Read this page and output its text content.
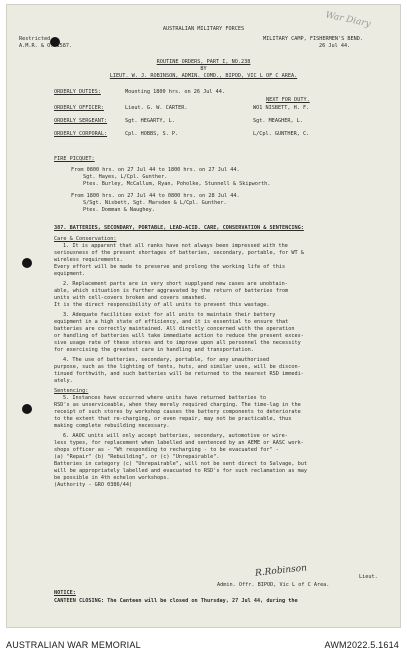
War Diary
AUSTRALIAN MILITARY FORCES
Restricted.
A.M.R. & O. 1587.
MILITARY CAMP, FISHERMEN'S BEND.
26 Jul 44.
ROUTINE ORDERS, PART I, NO.238
BY
LIEUT. W. J. ROBINSON, ADMIN. COMD., BIPOD, VIC L OF C AREA.
ORDERLY DUTIES:	Mounting 1800 hrs. on 26 Jul 44.
NEXT FOR DUTY.
ORDERLY OFFICER:	Lieut. G. W. CARTER.	WO1 NISBETT, H. F.
ORDERLY SERGEANT:	Sgt. HEGARTY, L.	Sgt. MEAGHER, L.
ORDERLY CORPORAL:	Cpl. HOBBS, S. P.	L/Cpl. GUNTHER, C.
FIRE PICQUET:
From 0800 hrs. on 27 Jul 44 to 1800 hrs. on 27 Jul 44.
Sgt. Hayes, L/Cpl. Gunther.
Ptes. Burley, McCallum, Ryan, Poholke, Stunnell & Skipworth.
From 1800 hrs. on 27 Jul 44 to 0800 hrs. on 28 Jul 44.
S/Sgt. Nisbett, Sgt. Marsden & L/Cpl. Gunther.
Ptes. Domman & Naughey.
387. BATTERIES, SECONDARY, PORTABLE, LEAD-ACID. CARE, CONSERVATION & SENTENCING:
Care & Conservation:
1. It is apparent that all ranks have not always been impressed with the
seriousness of the present shortages of batteries, secondary, portable, for WT &
wireless requirements.
Every effort will be made to preserve and prolong the working life of this
equipment.
2. Replacement parts are in very short supplyand new cases are unobtain-
able, which situation is further aggravated by the return of batteries from
units with cell-covers broken and covers smashed.
It is the direct responsibility of all units to prevent this wastage.
3. Adequate facilities exist for all units to maintain their battery
equipment in a high state of efficiency, and it is essential to ensure that
batteries are correctly maintained. All directly concerned with the operation
or handling of batteries will take immediate action to reduce the present exces-
sive usage rate of these stores and to improve upon all personnel the necessity
for exercising the greatest care in handling and transportation.
4. The use of batteries, secondary, portable, for any unauthorised
purpose, such as the lighting of tents, huts, and similar uses, will be discon-
tinued forthwith, and such batteries will be returned to the nearest RSD immedi-
ately.
Sentencing:
5. Instances have occurred where units have returned batteries to
RSD's as unserviceable, when they merely required charging. The time-lag in the
receipt of such stores by workshop causes the battery components to deteriorate
to the extent that re-charging, or even repair, may not be practicable, thus
making complete rebuilding necessary.
6. AAOC units will only accept batteries, secondary, automotive or wire-
less types, for replacement when labelled and sentenced by an AEME or AASC work-
shops officer as - "Wt responding to recharging - to be evacuated for" -
(a) "Repair" (b) "Rebuilding", or (c) "Unrepairable".
Batteries in category (c) "Unrepairable", will not be sent direct to Salvage, but
will be appropriately labelled and evacuated to RSD's for such reclamation as may
be possible in 4th echelon workshops.
(Authority - GRO 0386/44)
R.Robinson	Lieut.
Admin. Offr. BIPOD, Vic L of C Area.
NOTICE:
CANTEEN CLOSING: The Canteen will be closed on Thursday, 27 Jul 44, during the
AUSTRALIAN WAR MEMORIAL	AWM2022.5.1614
